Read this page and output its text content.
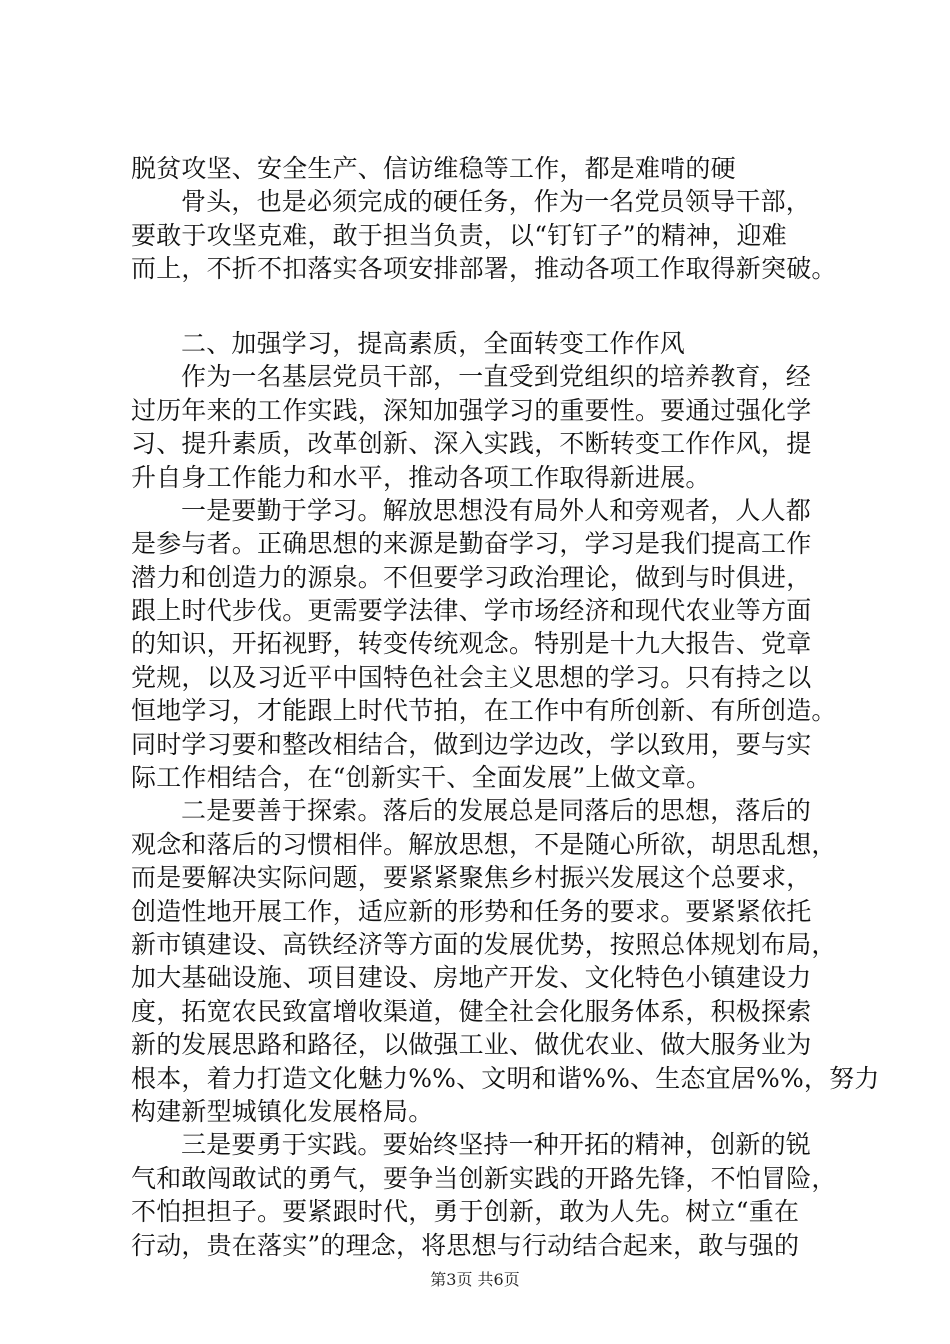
脱贫攻坚、安全生产、信访维稳等工作，都是难啃的硬
骨头，也是必须完成的硬任务，作为一名党员领导干部，
要敢于攻坚克难，敢于担当负责，以“钉钉子”的精神，迎难
而上，不折不扣落实各项安排部署，推动各项工作取得新突破。
二、加强学习，提高素质，全面转变工作作风
作为一名基层党员干部，一直受到党组织的培养教育，经
过历年来的工作实践，深知加强学习的重要性。要通过强化学
习、提升素质，改革创新、深入实践，不断转变工作作风，提
升自身工作能力和水平，推动各项工作取得新进展。
一是要勤于学习。解放思想没有局外人和旁观者，人人都
是参与者。正确思想的来源是勤奋学习，学习是我们提高工作
潜力和创造力的源泉。不但要学习政治理论，做到与时俱进，
跟上时代步伐。更需要学法律、学市场经济和现代农业等方面
的知识，开拓视野，转变传统观念。特别是十九大报告、党章
党规，以及习近平中国特色社会主义思想的学习。只有持之以
恒地学习，才能跟上时代节拍，在工作中有所创新、有所创造。
同时学习要和整改相结合，做到边学边改，学以致用，要与实
际工作相结合，在“创新实干、全面发展”上做文章。
二是要善于探索。落后的发展总是同落后的思想，落后的
观念和落后的习惯相伴。解放思想，不是随心所欲，胡思乱想，
而是要解决实际问题，要紧紧聚焦乡村振兴发展这个总要求，
创造性地开展工作，适应新的形势和任务的要求。要紧紧依托
新市镇建设、高铁经济等方面的发展优势，按照总体规划布局，
加大基础设施、项目建设、房地产开发、文化特色小镇建设力
度，拓宽农民致富增收渠道，健全社会化服务体系，积极探索
新的发展思路和路径，以做强工业、做优农业、做大服务业为
根本，着力打造文化魅力%%、文明和谐%%、生态宜居%%，努力
构建新型城镇化发展格局。
三是要勇于实践。要始终坚持一种开拓的精神，创新的锐
气和敢闯敢试的勇气，要争当创新实践的开路先锋，不怕冒险，
不怕担担子。要紧跟时代，勇于创新，敢为人先。树立“重在
行动，贵在落实”的理念，将思想与行动结合起来，敢与强的
第3页 共6页
